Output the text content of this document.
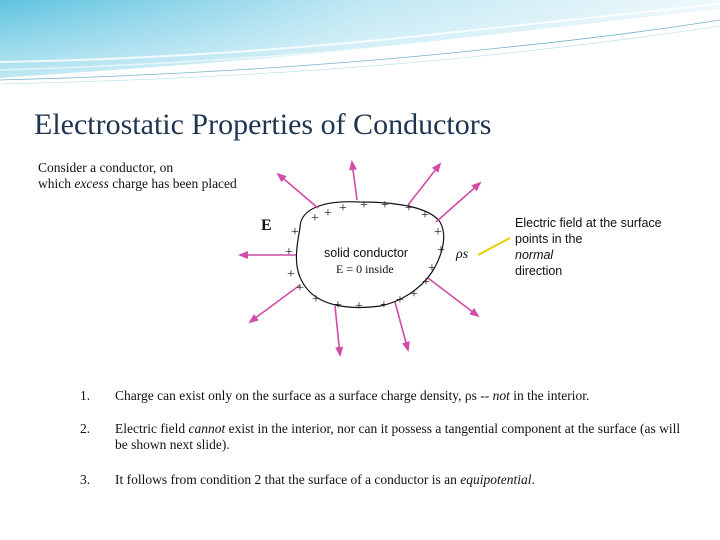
Electrostatic Properties of Conductors
Consider a conductor, on
which excess charge has been placed
+ + + + + + +
+	+
+	+
+	+
+	+
+	+
+ + + +
E
solid conductor
E = 0 inside
ρs
Electric field at the surface
points in the
normal
direction
1.	Charge can exist only on the surface as a surface charge density, ρs -- not in the interior.
2.	Electric field cannot exist in the interior, nor can it possess a tangential component at the surface (as will be shown next slide).
3.	It follows from condition 2 that the surface of a conductor is an equipotential.
